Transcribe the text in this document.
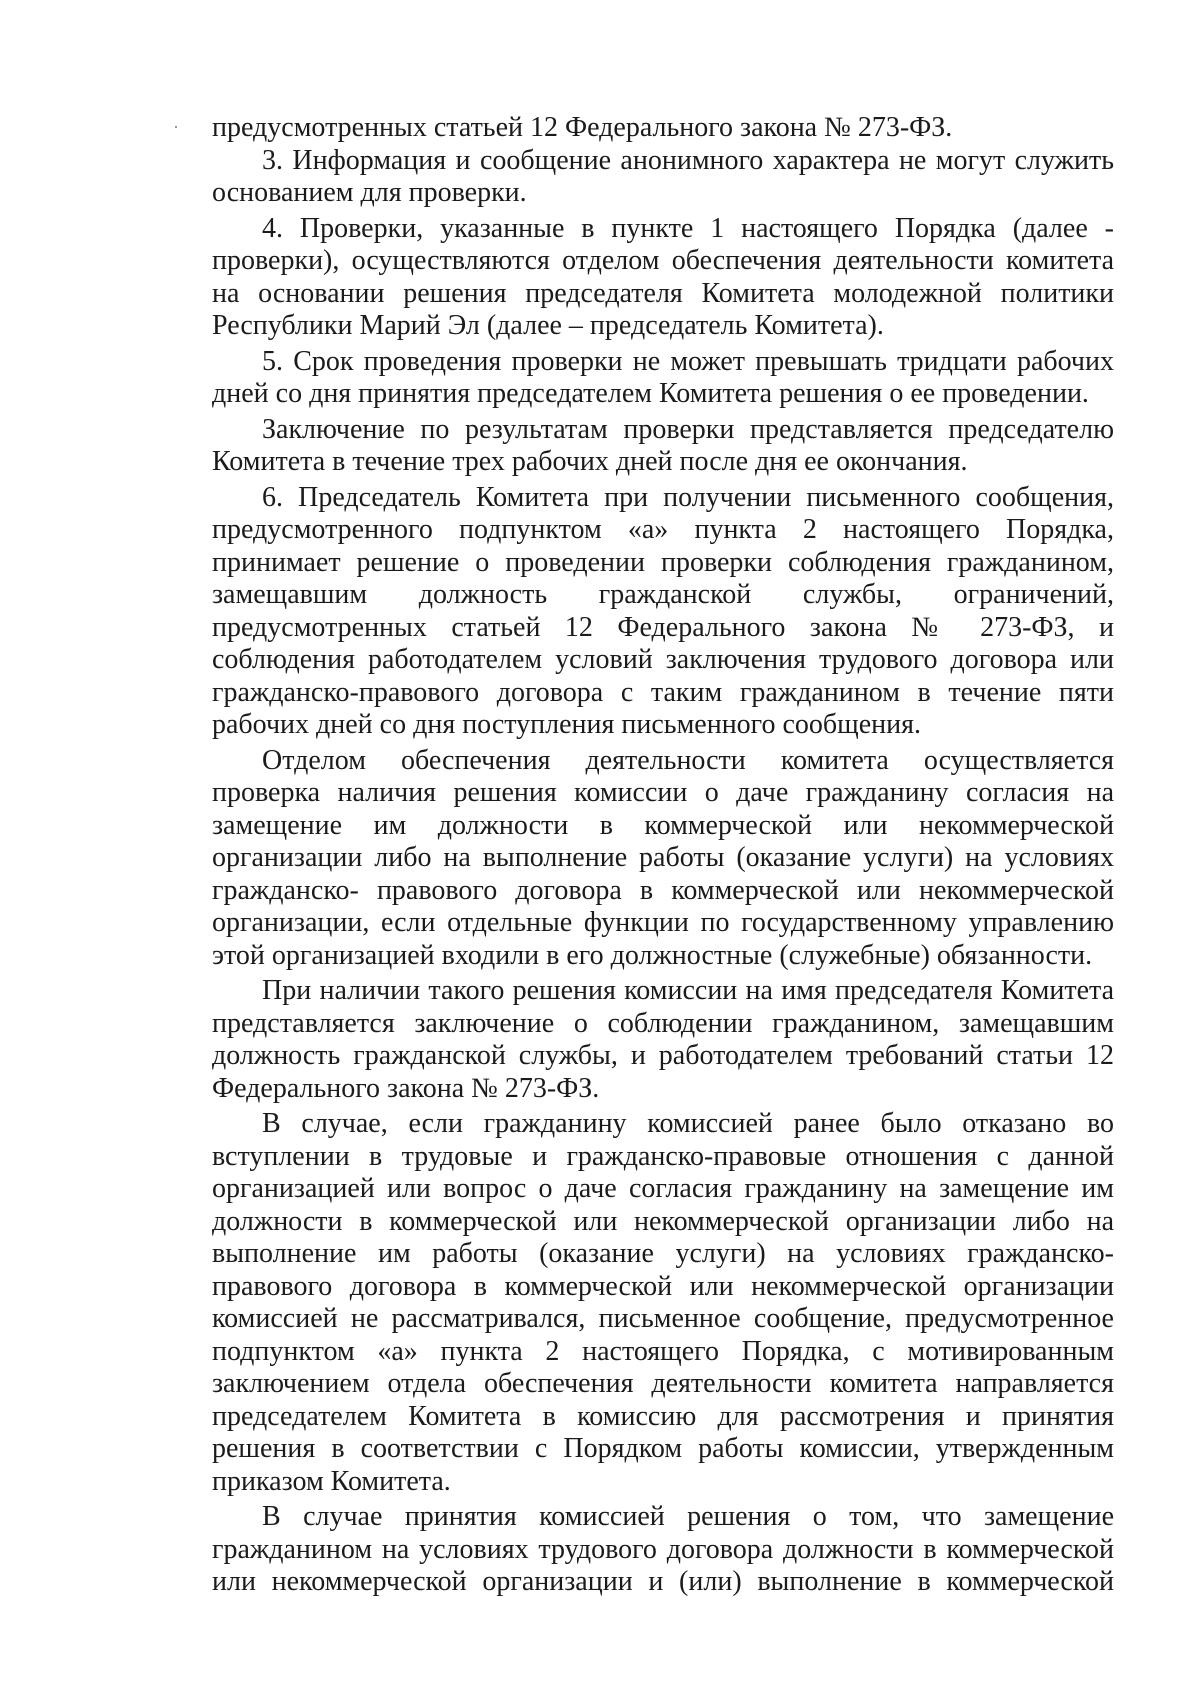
предусмотренных статьей 12 Федерального закона № 273-ФЗ.

3. Информация и сообщение анонимного характера не могут служить основанием для проверки.

4. Проверки, указанные в пункте 1 настоящего Порядка (далее - проверки), осуществляются отделом обеспечения деятельности комитета на основании решения председателя Комитета молодежной политики Республики Марий Эл (далее – председатель Комитета).

5. Срок проведения проверки не может превышать тридцати рабочих дней со дня принятия председателем Комитета решения о ее проведении.

Заключение по результатам проверки представляется председателю Комитета в течение трех рабочих дней после дня ее окончания.

6. Председатель Комитета при получении письменного сообщения, предусмотренного подпунктом «а» пункта 2 настоящего Порядка, принимает решение о проведении проверки соблюдения гражданином, замещавшим должность гражданской службы, ограничений, предусмотренных статьей 12 Федерального закона № 273-ФЗ, и соблюдения работодателем условий заключения трудового договора или гражданско-правового договора с таким гражданином в течение пяти рабочих дней со дня поступления письменного сообщения.

Отделом обеспечения деятельности комитета осуществляется проверка наличия решения комиссии о даче гражданину согласия на замещение им должности в коммерческой или некоммерческой организации либо на выполнение работы (оказание услуги) на условиях гражданско- правового договора в коммерческой или некоммерческой организации, если отдельные функции по государственному управлению этой организацией входили в его должностные (служебные) обязанности.

При наличии такого решения комиссии на имя председателя Комитета представляется заключение о соблюдении гражданином, замещавшим должность гражданской службы, и работодателем требований статьи 12 Федерального закона № 273-ФЗ.

В случае, если гражданину комиссией ранее было отказано во вступлении в трудовые и гражданско-правовые отношения с данной организацией или вопрос о даче согласия гражданину на замещение им должности в коммерческой или некоммерческой организации либо на выполнение им работы (оказание услуги) на условиях гражданско-правового договора в коммерческой или некоммерческой организации комиссией не рассматривался, письменное сообщение, предусмотренное подпунктом «а» пункта 2 настоящего Порядка, с мотивированным заключением отдела обеспечения деятельности комитета направляется председателем Комитета в комиссию для рассмотрения и принятия решения в соответствии с Порядком работы комиссии, утвержденным приказом Комитета.

В случае принятия комиссией решения о том, что замещение гражданином на условиях трудового договора должности в коммерческой или некоммерческой организации и (или) выполнение в коммерческой
